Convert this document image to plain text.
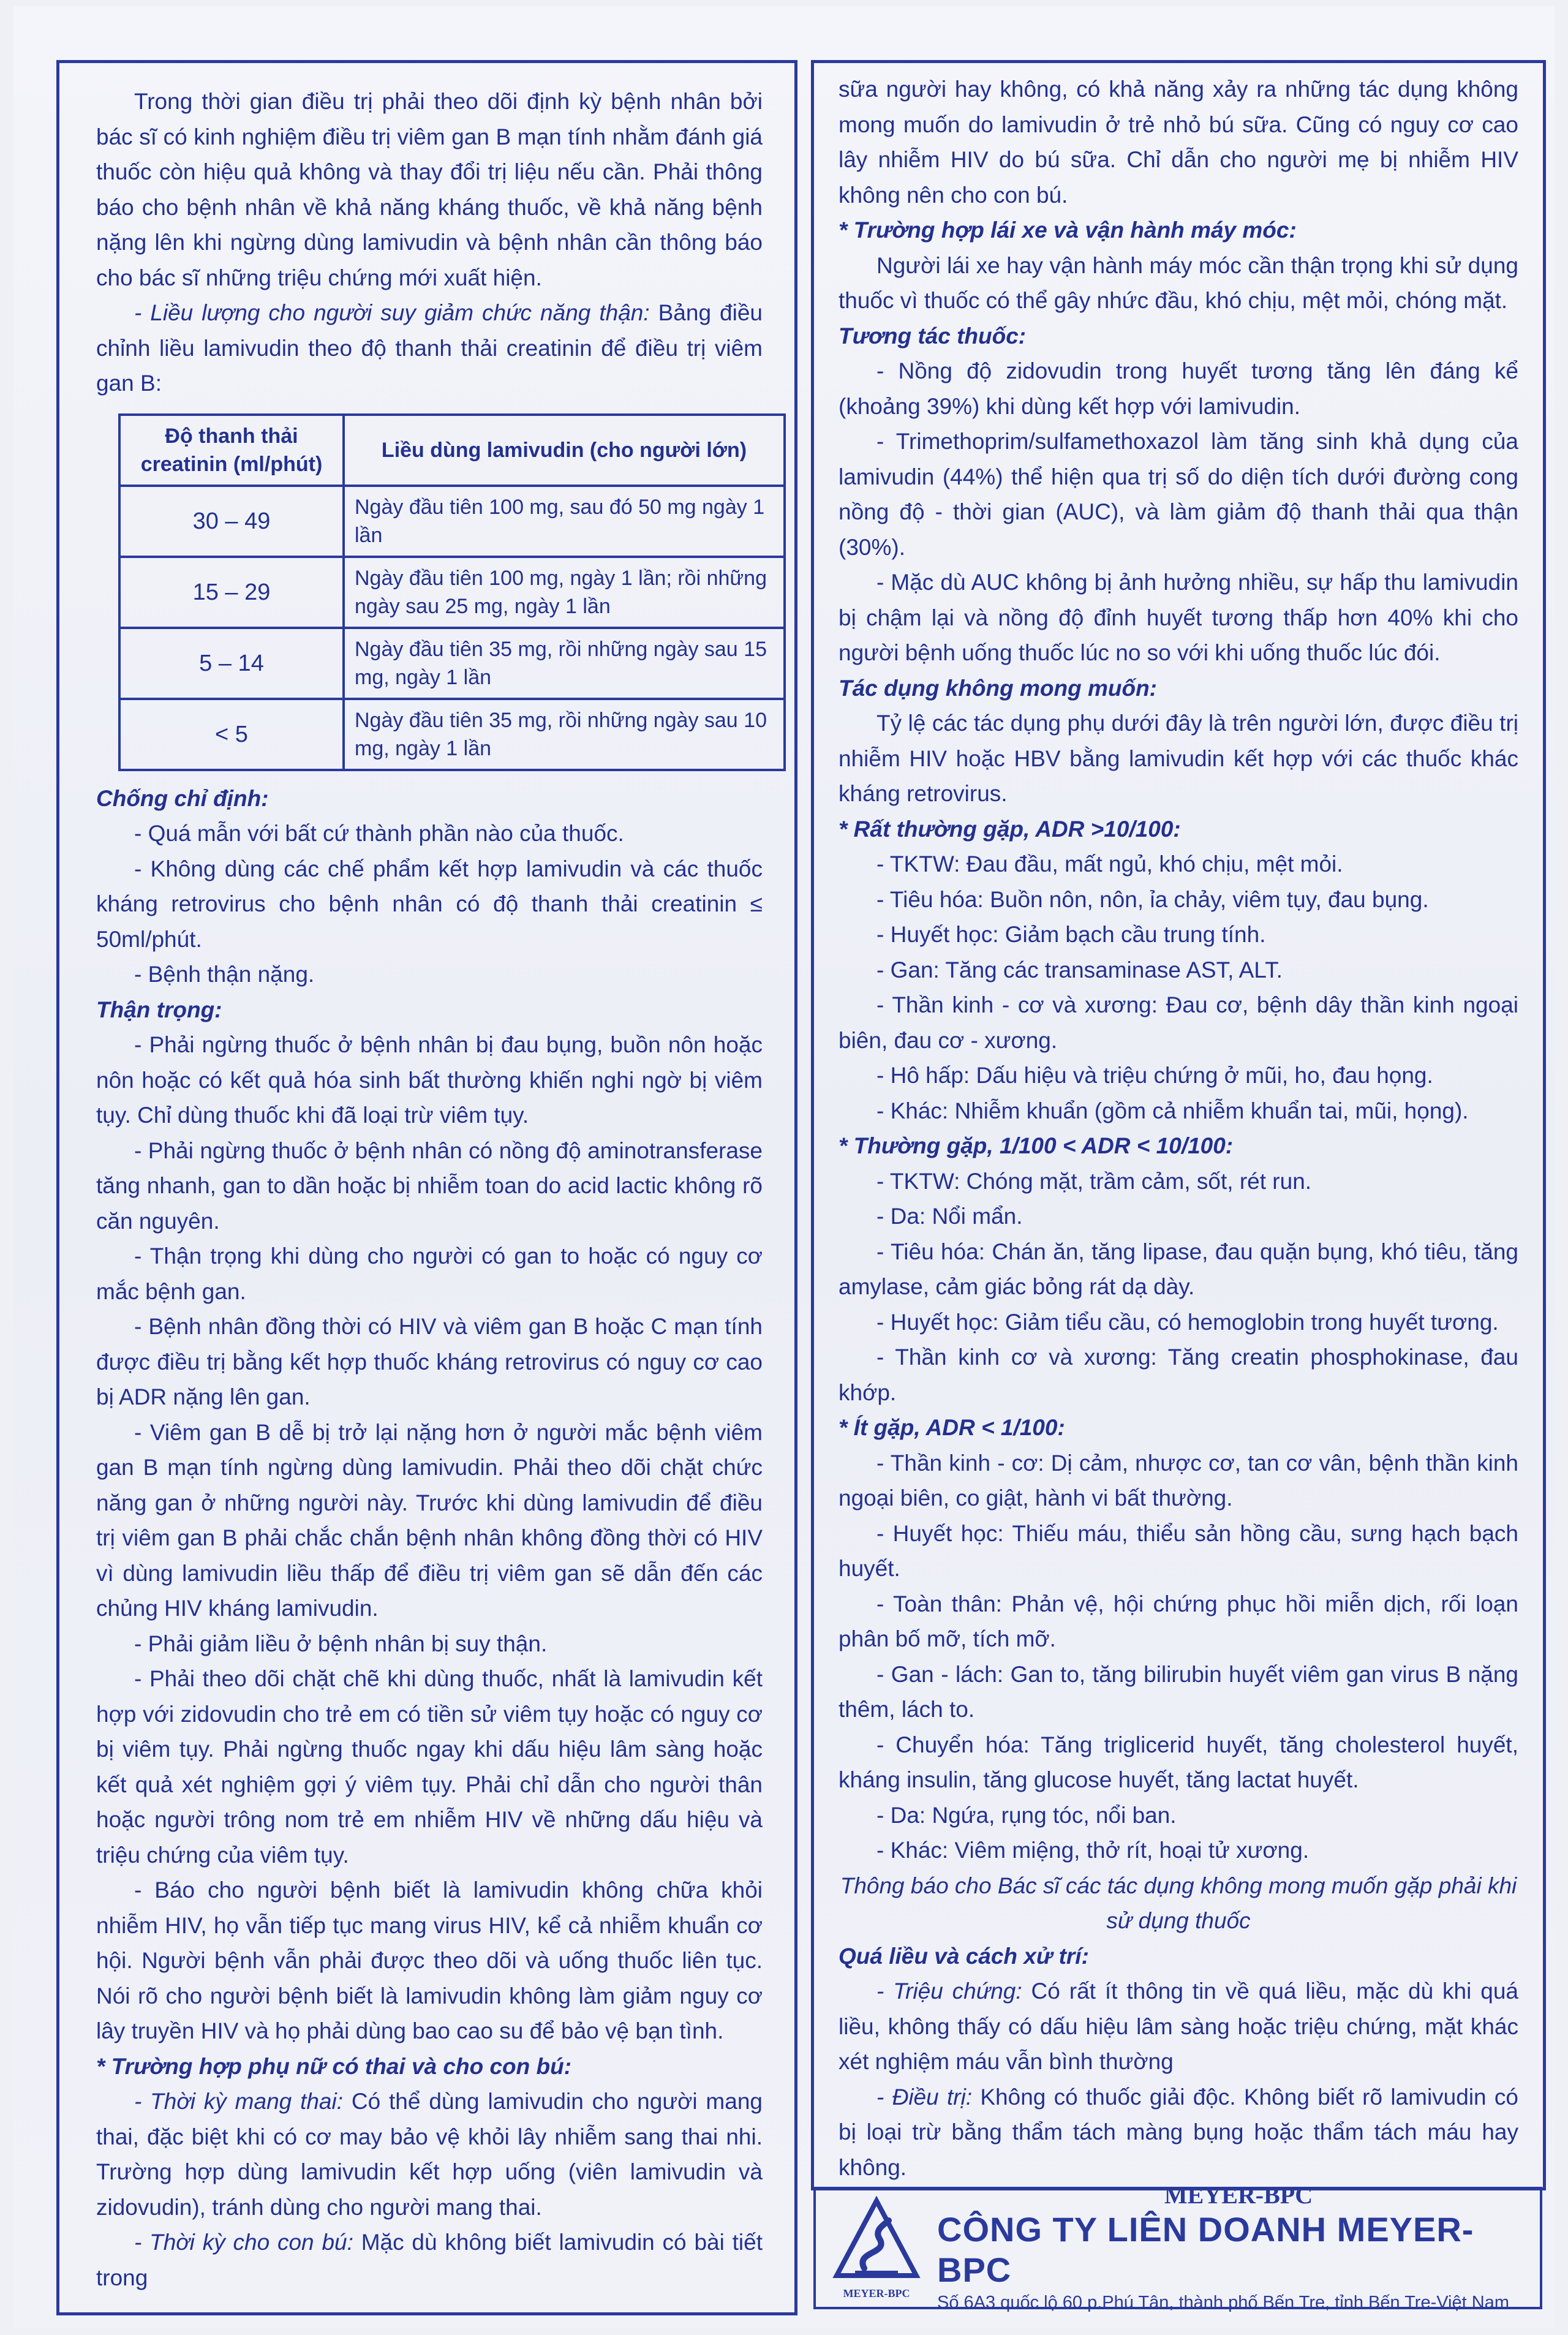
Trong thời gian điều trị phải theo dõi định kỳ bệnh nhân bởi bác sĩ có kinh nghiệm điều trị viêm gan B mạn tính nhằm đánh giá thuốc còn hiệu quả không và thay đổi trị liệu nếu cần. Phải thông báo cho bệnh nhân về khả năng kháng thuốc, về khả năng bệnh nặng lên khi ngừng dùng lamivudin và bệnh nhân cần thông báo cho bác sĩ những triệu chứng mới xuất hiện.

- Liều lượng cho người suy giảm chức năng thận: Bảng điều chỉnh liều lamivudin theo độ thanh thải creatinin để điều trị viêm gan B:

Độ thanh thải creatinin (ml/phút)	Liều dùng lamivudin (cho người lớn)
30 – 49	Ngày đầu tiên 100 mg, sau đó 50 mg ngày 1 lần
15 – 29	Ngày đầu tiên 100 mg, ngày 1 lần; rồi những ngày sau 25 mg, ngày 1 lần
5 – 14	Ngày đầu tiên 35 mg, rồi những ngày sau 15 mg, ngày 1 lần
< 5	Ngày đầu tiên 35 mg, rồi những ngày sau 10 mg, ngày 1 lần

Chống chỉ định:

- Quá mẫn với bất cứ thành phần nào của thuốc.

- Không dùng các chế phẩm kết hợp lamivudin và các thuốc kháng retrovirus cho bệnh nhân có độ thanh thải creatinin ≤ 50ml/phút.

- Bệnh thận nặng.

Thận trọng:

- Phải ngừng thuốc ở bệnh nhân bị đau bụng, buồn nôn hoặc nôn hoặc có kết quả hóa sinh bất thường khiến nghi ngờ bị viêm tụy. Chỉ dùng thuốc khi đã loại trừ viêm tụy.

- Phải ngừng thuốc ở bệnh nhân có nồng độ aminotransferase tăng nhanh, gan to dần hoặc bị nhiễm toan do acid lactic không rõ căn nguyên.

- Thận trọng khi dùng cho người có gan to hoặc có nguy cơ mắc bệnh gan.

- Bệnh nhân đồng thời có HIV và viêm gan B hoặc C mạn tính được điều trị bằng kết hợp thuốc kháng retrovirus có nguy cơ cao bị ADR nặng lên gan.

- Viêm gan B dễ bị trở lại nặng hơn ở người mắc bệnh viêm gan B mạn tính ngừng dùng lamivudin. Phải theo dõi chặt chức năng gan ở những người này. Trước khi dùng lamivudin để điều trị viêm gan B phải chắc chắn bệnh nhân không đồng thời có HIV vì dùng lamivudin liều thấp để điều trị viêm gan sẽ dẫn đến các chủng HIV kháng lamivudin.

- Phải giảm liều ở bệnh nhân bị suy thận.

- Phải theo dõi chặt chẽ khi dùng thuốc, nhất là lamivudin kết hợp với zidovudin cho trẻ em có tiền sử viêm tụy hoặc có nguy cơ bị viêm tụy. Phải ngừng thuốc ngay khi dấu hiệu lâm sàng hoặc kết quả xét nghiệm gợi ý viêm tụy. Phải chỉ dẫn cho người thân hoặc người trông nom trẻ em nhiễm HIV về những dấu hiệu và triệu chứng của viêm tụy.

- Báo cho người bệnh biết là lamivudin không chữa khỏi nhiễm HIV, họ vẫn tiếp tục mang virus HIV, kể cả nhiễm khuẩn cơ hội. Người bệnh vẫn phải được theo dõi và uống thuốc liên tục. Nói rõ cho người bệnh biết là lamivudin không làm giảm nguy cơ lây truyền HIV và họ phải dùng bao cao su để bảo vệ bạn tình.

* Trường hợp phụ nữ có thai và cho con bú:

- Thời kỳ mang thai: Có thể dùng lamivudin cho người mang thai, đặc biệt khi có cơ may bảo vệ khỏi lây nhiễm sang thai nhi. Trường hợp dùng lamivudin kết hợp uống (viên lamivudin và zidovudin), tránh dùng cho người mang thai.

- Thời kỳ cho con bú: Mặc dù không biết lamivudin có bài tiết trong

sữa người hay không, có khả năng xảy ra những tác dụng không mong muốn do lamivudin ở trẻ nhỏ bú sữa. Cũng có nguy cơ cao lây nhiễm HIV do bú sữa. Chỉ dẫn cho người mẹ bị nhiễm HIV không nên cho con bú.

* Trường hợp lái xe và vận hành máy móc:

Người lái xe hay vận hành máy móc cần thận trọng khi sử dụng thuốc vì thuốc có thể gây nhức đầu, khó chịu, mệt mỏi, chóng mặt.

Tương tác thuốc:

- Nồng độ zidovudin trong huyết tương tăng lên đáng kể (khoảng 39%) khi dùng kết hợp với lamivudin.

- Trimethoprim/sulfamethoxazol làm tăng sinh khả dụng của lamivudin (44%) thể hiện qua trị số do diện tích dưới đường cong nồng độ - thời gian (AUC), và làm giảm độ thanh thải qua thận (30%).

- Mặc dù AUC không bị ảnh hưởng nhiều, sự hấp thu lamivudin bị chậm lại và nồng độ đỉnh huyết tương thấp hơn 40% khi cho người bệnh uống thuốc lúc no so với khi uống thuốc lúc đói.

Tác dụng không mong muốn:

Tỷ lệ các tác dụng phụ dưới đây là trên người lớn, được điều trị nhiễm HIV hoặc HBV bằng lamivudin kết hợp với các thuốc khác kháng retrovirus.

* Rất thường gặp, ADR >10/100:

- TKTW: Đau đầu, mất ngủ, khó chịu, mệt mỏi.

- Tiêu hóa: Buồn nôn, nôn, ỉa chảy, viêm tụy, đau bụng.

- Huyết học: Giảm bạch cầu trung tính.

- Gan: Tăng các transaminase AST, ALT.

- Thần kinh - cơ và xương: Đau cơ, bệnh dây thần kinh ngoại biên, đau cơ - xương.

- Hô hấp: Dấu hiệu và triệu chứng ở mũi, ho, đau họng.

- Khác: Nhiễm khuẩn (gồm cả nhiễm khuẩn tai, mũi, họng).

* Thường gặp, 1/100 < ADR < 10/100:

- TKTW: Chóng mặt, trầm cảm, sốt, rét run.

- Da: Nổi mẩn.

- Tiêu hóa: Chán ăn, tăng lipase, đau quặn bụng, khó tiêu, tăng amylase, cảm giác bỏng rát dạ dày.

- Huyết học: Giảm tiểu cầu, có hemoglobin trong huyết tương.

- Thần kinh cơ và xương: Tăng creatin phosphokinase, đau khớp.

* Ít gặp, ADR < 1/100:

- Thần kinh - cơ: Dị cảm, nhược cơ, tan cơ vân, bệnh thần kinh ngoại biên, co giật, hành vi bất thường.

- Huyết học: Thiếu máu, thiểu sản hồng cầu, sưng hạch bạch huyết.

- Toàn thân: Phản vệ, hội chứng phục hồi miễn dịch, rối loạn phân bố mỡ, tích mỡ.

- Gan - lách: Gan to, tăng bilirubin huyết viêm gan virus B nặng thêm, lách to.

- Chuyển hóa: Tăng triglicerid huyết, tăng cholesterol huyết, kháng insulin, tăng glucose huyết, tăng lactat huyết.

- Da: Ngứa, rụng tóc, nổi ban.

- Khác: Viêm miệng, thở rít, hoại tử xương.

Thông báo cho Bác sĩ các tác dụng không mong muốn gặp phải khi sử dụng thuốc

Quá liều và cách xử trí:

- Triệu chứng: Có rất ít thông tin về quá liều, mặc dù khi quá liều, không thấy có dấu hiệu lâm sàng hoặc triệu chứng, mặt khác xét nghiệm máu vẫn bình thường

- Điều trị: Không có thuốc giải độc. Không biết rõ lamivudin có bị loại trừ bằng thẩm tách màng bụng hoặc thẩm tách máu hay không.

MEYER-BPC
MEYER-BPC
CÔNG TY LIÊN DOANH MEYER-BPC
Số 6A3 quốc lộ 60 p.Phú Tân, thành phố Bến Tre, tỉnh Bến Tre-Việt Nam
